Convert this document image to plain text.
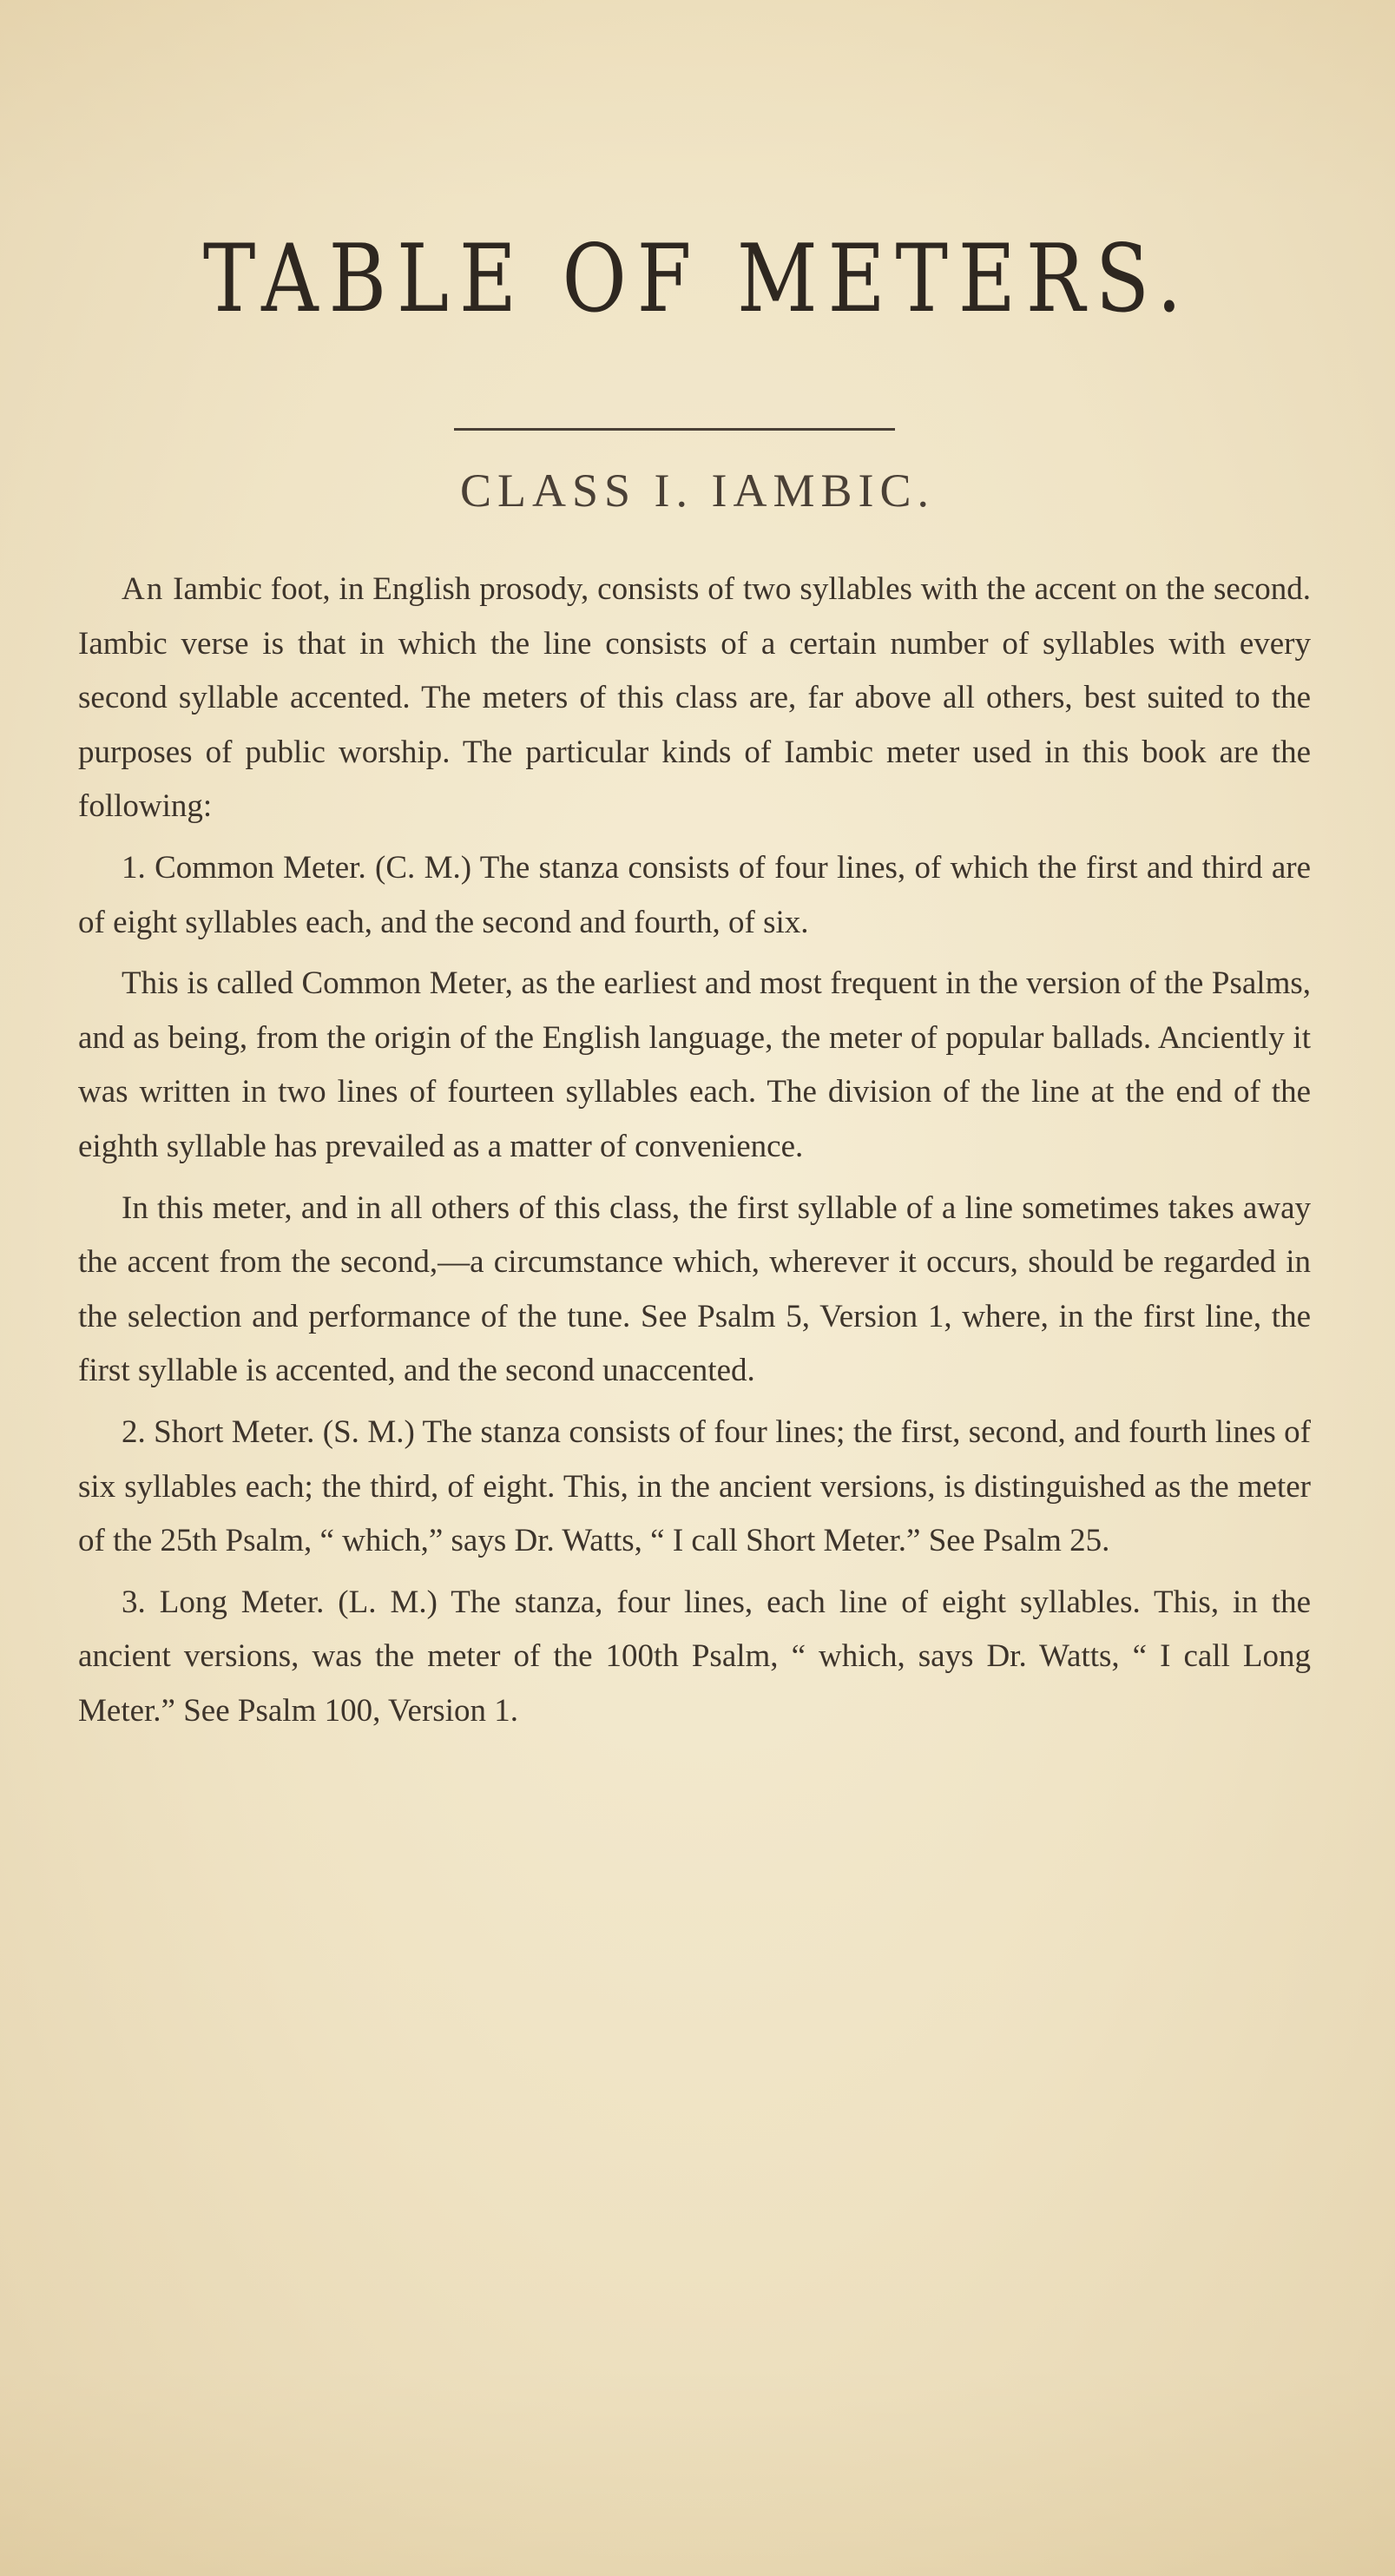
TABLE OF METERS.
CLASS I. IAMBIC.

An Iambic foot, in English prosody, consists of two syllables with the accent on the second. Iambic verse is that in which the line consists of a certain number of syllables with every second syllable accented. The meters of this class are, far above all others, best suited to the purposes of public worship. The particular kinds of Iambic meter used in this book are the following:

1. Common Meter. (C. M.) The stanza consists of four lines, of which the first and third are of eight syllables each, and the second and fourth, of six.

This is called Common Meter, as the earliest and most frequent in the version of the Psalms, and as being, from the origin of the English language, the meter of popular ballads. Anciently it was written in two lines of fourteen syllables each. The division of the line at the end of the eighth syllable has prevailed as a matter of convenience.

In this meter, and in all others of this class, the first syllable of a line sometimes takes away the accent from the second,—a circumstance which, wherever it occurs, should be regarded in the selection and performance of the tune. See Psalm 5, Version 1, where, in the first line, the first syllable is accented, and the second unaccented.

2. Short Meter. (S. M.) The stanza consists of four lines; the first, second, and fourth lines of six syllables each; the third, of eight. This, in the ancient versions, is distinguished as the meter of the 25th Psalm, “ which,” says Dr. Watts, “ I call Short Meter.” See Psalm 25.

3. Long Meter. (L. M.) The stanza, four lines, each line of eight syllables. This, in the ancient versions, was the meter of the 100th Psalm, “ which, says Dr. Watts, “ I call Long Meter.” See Psalm 100, Version 1.
